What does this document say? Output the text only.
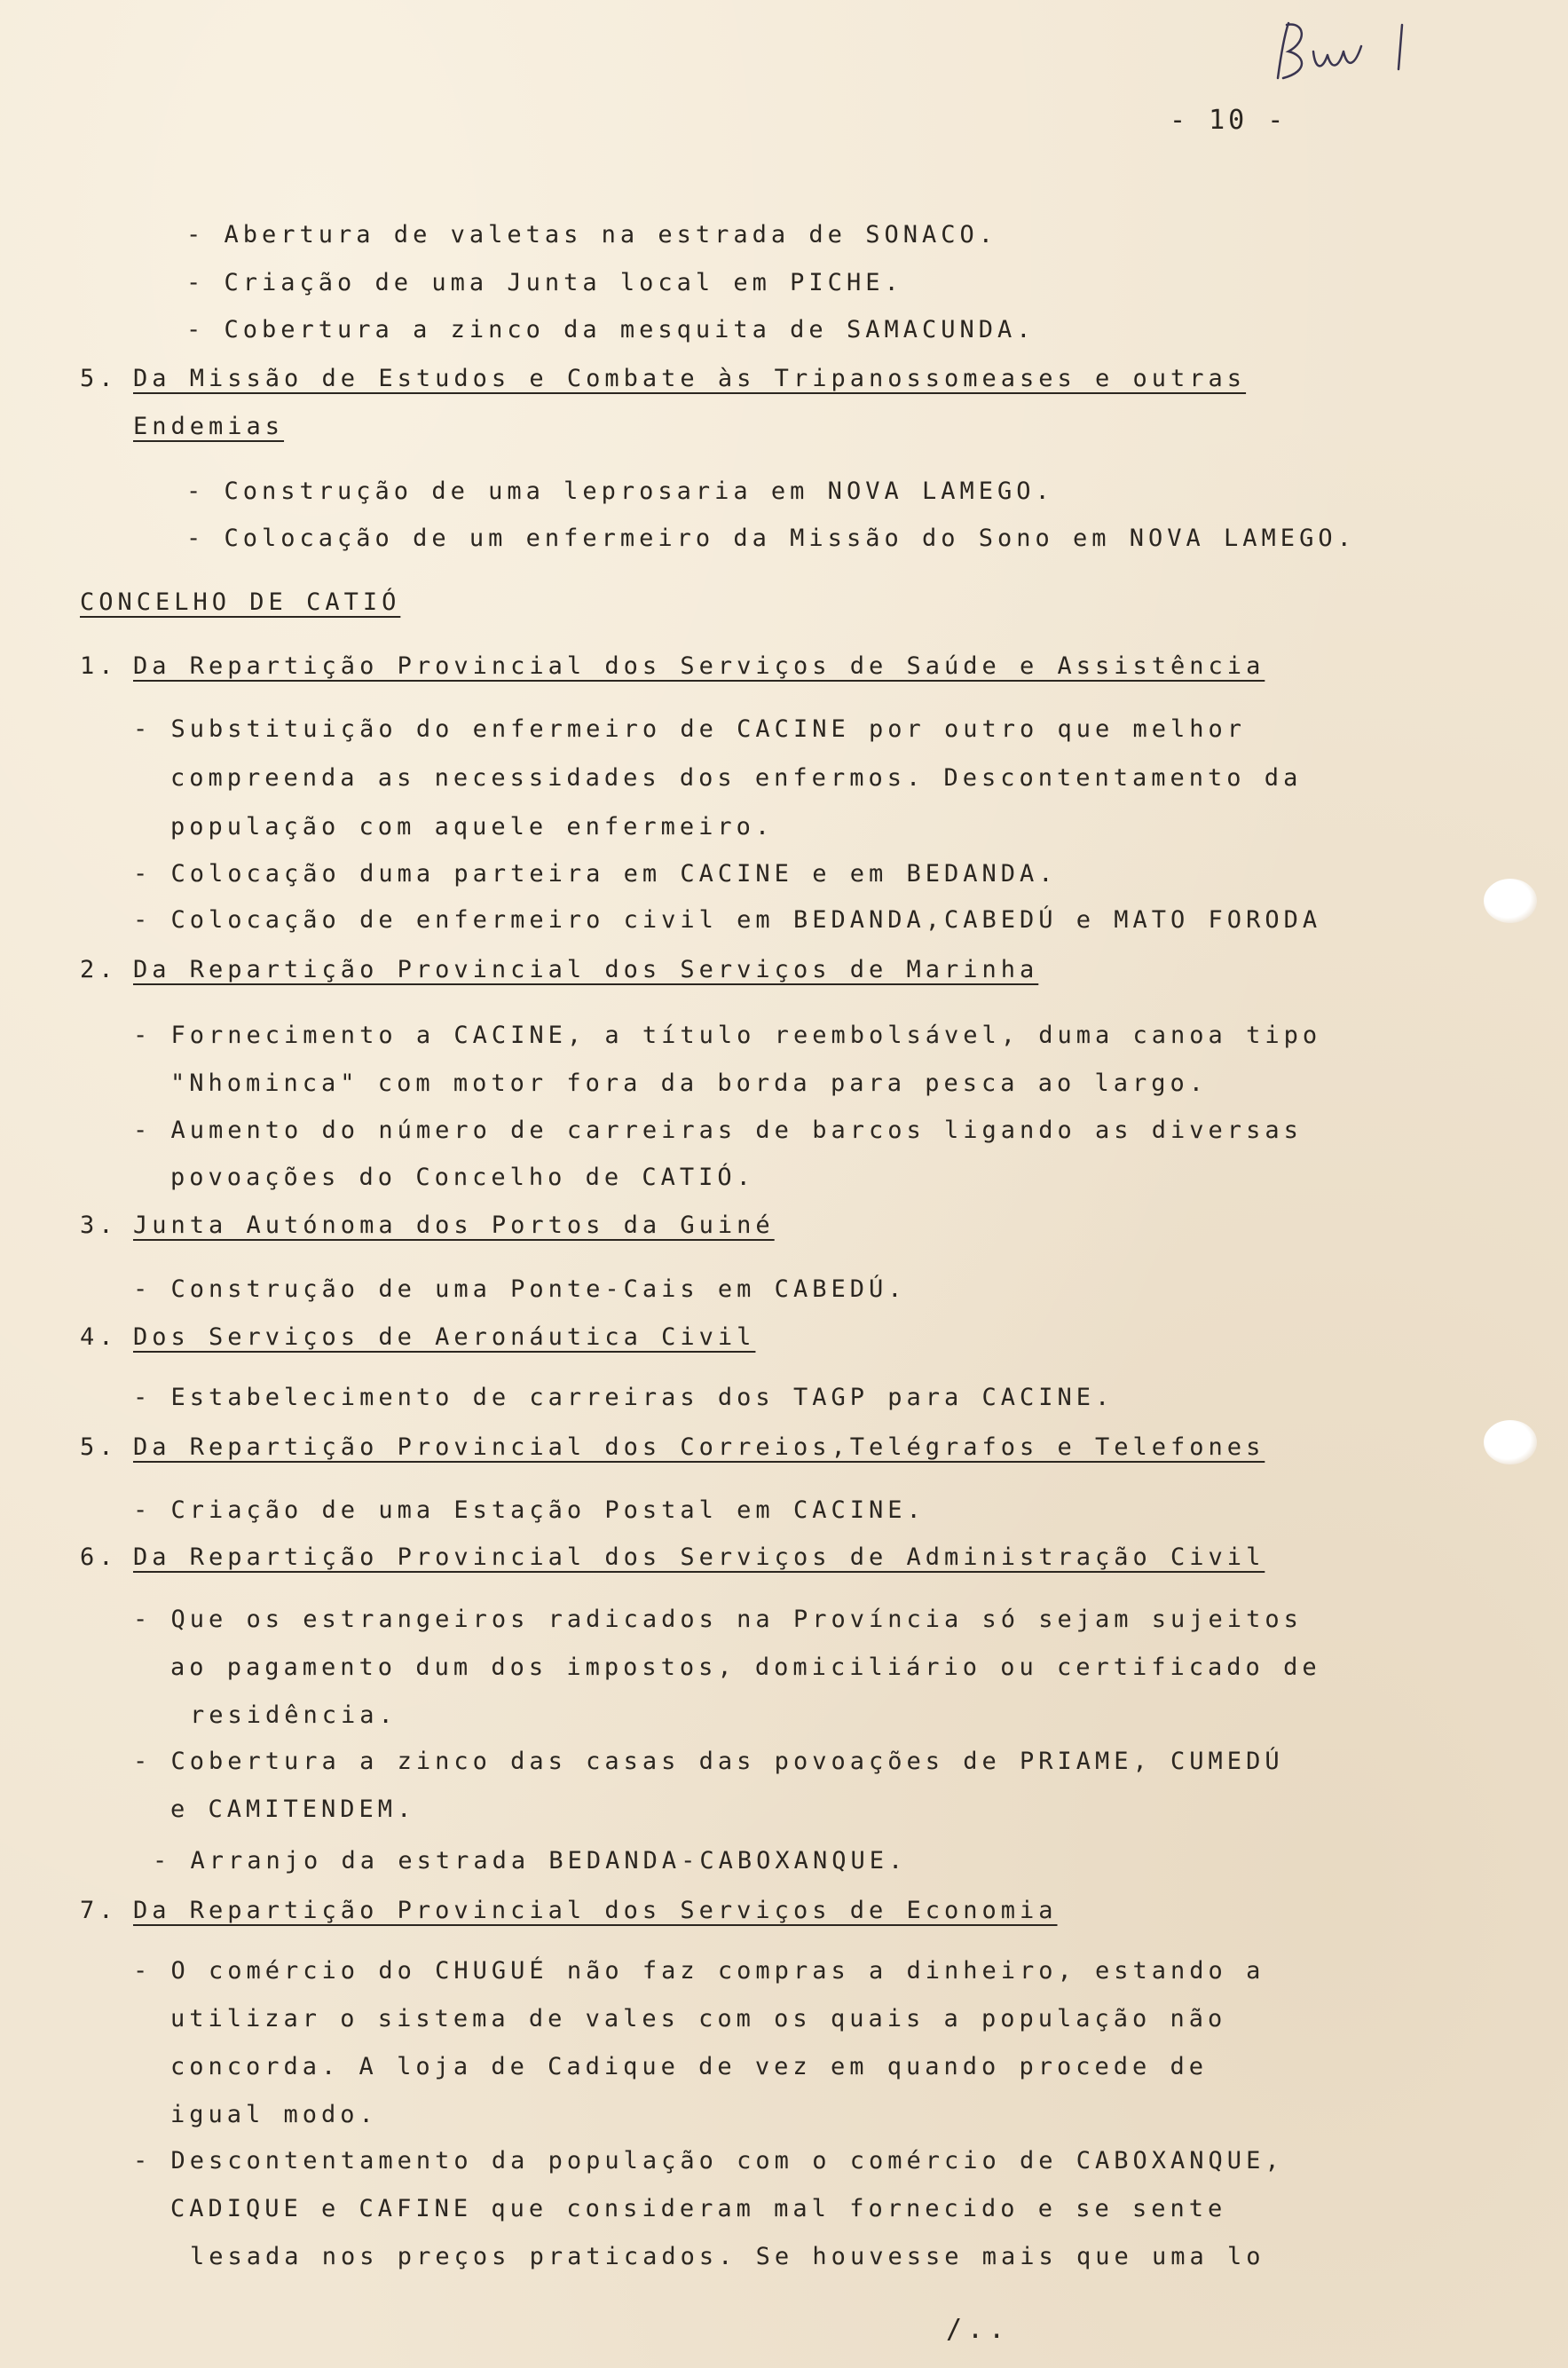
- 10 -
- Abertura de valetas na estrada de SONACO.
- Criação de uma Junta local em PICHE.
- Cobertura a zinco da mesquita de SAMACUNDA.
5. Da Missão de Estudos e Combate às Tripanossomeases e outras
Endemias
- Construção de uma leprosaria em NOVA LAMEGO.
- Colocação de um enfermeiro da Missão do Sono em NOVA LAMEGO.
CONCELHO DE CATIÓ
1. Da Repartição Provincial dos Serviços de Saúde e Assistência
- Substituição do enfermeiro de CACINE por outro que melhor
compreenda as necessidades dos enfermos. Descontentamento da
população com aquele enfermeiro.
- Colocação duma parteira em CACINE e em BEDANDA.
- Colocação de enfermeiro civil em BEDANDA,CABEDÚ e MATO FORODA
2. Da Repartição Provincial dos Serviços de Marinha
- Fornecimento a CACINE, a título reembolsável, duma canoa tipo
"Nhominca" com motor fora da borda para pesca ao largo.
- Aumento do número de carreiras de barcos ligando as diversas
povoações do Concelho de CATIÓ.
3. Junta Autónoma dos Portos da Guiné
- Construção de uma Ponte-Cais em CABEDÚ.
4. Dos Serviços de Aeronáutica Civil
- Estabelecimento de carreiras dos TAGP para CACINE.
5. Da Repartição Provincial dos Correios,Telégrafos e Telefones
- Criação de uma Estação Postal em CACINE.
6. Da Repartição Provincial dos Serviços de Administração Civil
- Que os estrangeiros radicados na Província só sejam sujeitos
ao pagamento dum dos impostos, domiciliário ou certificado de
residência.
- Cobertura a zinco das casas das povoações de PRIAME, CUMEDÚ
e CAMITENDEM.
- Arranjo da estrada BEDANDA-CABOXANQUE.
7. Da Repartição Provincial dos Serviços de Economia
- O comércio do CHUGUÉ não faz compras a dinheiro, estando a
utilizar o sistema de vales com os quais a população não
concorda. A loja de Cadique de vez em quando procede de
igual modo.
- Descontentamento da população com o comércio de CABOXANQUE,
CADIQUE e CAFINE que consideram mal fornecido e se sente
lesada nos preços praticados. Se houvesse mais que uma lo
/..
